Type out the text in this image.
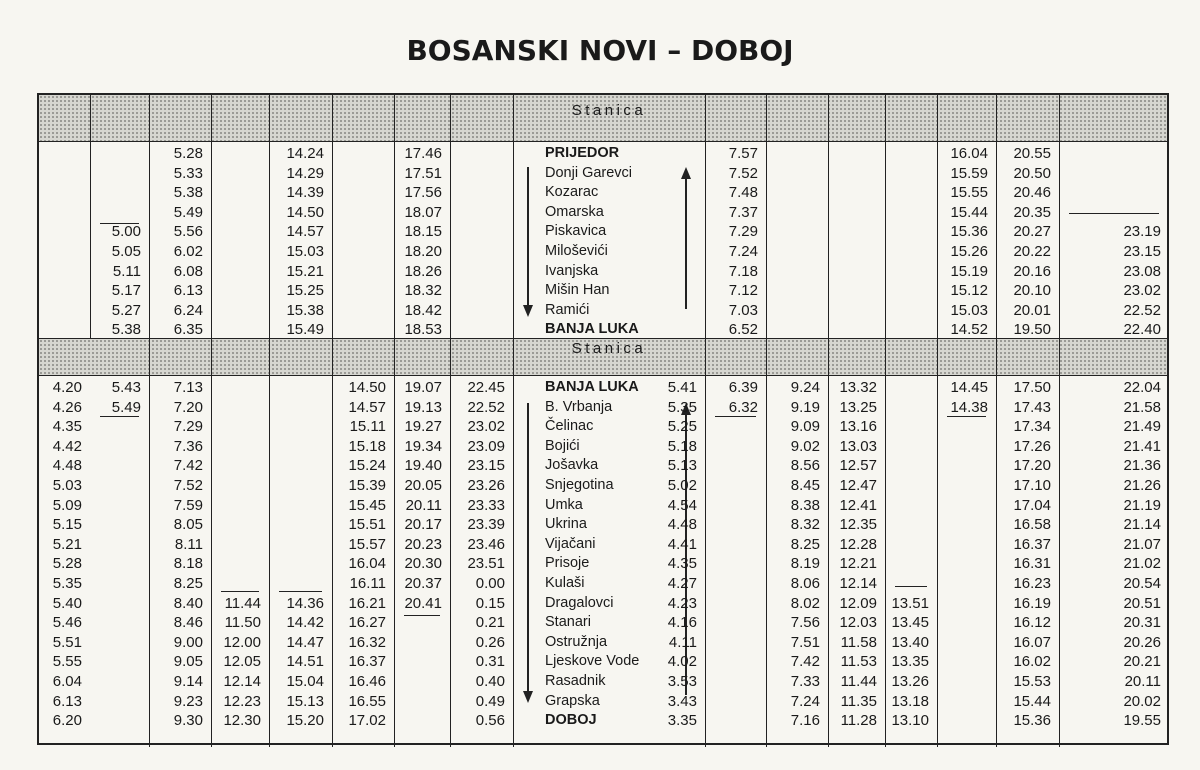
BOSANSKI NOVI – DOBOJ
Stanica
Stanica
5.00
5.05
5.11
5.17
5.27
5.38
5.28
5.33
5.38
5.49
5.56
6.02
6.08
6.13
6.24
6.35
14.24
14.29
14.39
14.50
14.57
15.03
15.21
15.25
15.38
15.49
17.46
17.51
17.56
18.07
18.15
18.20
18.26
18.32
18.42
18.53
7.57
7.52
7.48
7.37
7.29
7.24
7.18
7.12
7.03
6.52
16.04
15.59
15.55
15.44
15.36
15.26
15.19
15.12
15.03
14.52
20.55
20.50
20.46
20.35
20.27
20.22
20.16
20.10
20.01
19.50
23.19
23.15
23.08
23.02
22.52
22.40
4.20
4.26
4.35
4.42
4.48
5.03
5.09
5.15
5.21
5.28
5.35
5.40
5.46
5.51
5.55
6.04
6.13
6.20
5.43
5.49
7.13
7.20
7.29
7.36
7.42
7.52
7.59
8.05
8.11
8.18
8.25
8.40
8.46
9.00
9.05
9.14
9.23
9.30
11.44
11.50
12.00
12.05
12.14
12.23
12.30
14.36
14.42
14.47
14.51
15.04
15.13
15.20
14.50
14.57
15.11
15.18
15.24
15.39
15.45
15.51
15.57
16.04
16.11
16.21
16.27
16.32
16.37
16.46
16.55
17.02
19.07
19.13
19.27
19.34
19.40
20.05
20.11
20.17
20.23
20.30
20.37
20.41
22.45
22.52
23.02
23.09
23.15
23.26
23.33
23.39
23.46
23.51
0.00
0.15
0.21
0.26
0.31
0.40
0.49
0.56
5.41
5.35
5.25
5.18
5.13
5.02
4.54
4.48
4.41
4.35
4.27
4.23
4.16
4.11
4.02
3.53
3.43
3.35
6.39
6.32
9.24
9.19
9.09
9.02
8.56
8.45
8.38
8.32
8.25
8.19
8.06
8.02
7.56
7.51
7.42
7.33
7.24
7.16
13.32
13.25
13.16
13.03
12.57
12.47
12.41
12.35
12.28
12.21
12.14
12.09
12.03
11.58
11.53
11.44
11.35
11.28
13.51
13.45
13.40
13.35
13.26
13.18
13.10
14.45
14.38
17.50
17.43
17.34
17.26
17.20
17.10
17.04
16.58
16.37
16.31
16.23
16.19
16.12
16.07
16.02
15.53
15.44
15.36
22.04
21.58
21.49
21.41
21.36
21.26
21.19
21.14
21.07
21.02
20.54
20.51
20.31
20.26
20.21
20.11
20.02
19.55
PRIJEDOR
Donji Garevci
Kozarac
Omarska
Piskavica
Miloševići
Ivanjska
Mišin Han
Ramići
BANJA LUKA
BANJA LUKA
B. Vrbanja
Čelinac
Bojići
Jošavka
Snjegotina
Umka
Ukrina
Vijačani
Prisoje
Kulaši
Dragalovci
Stanari
Ostružnja
Ljeskove Vode
Rasadnik
Grapska
DOBOJ
